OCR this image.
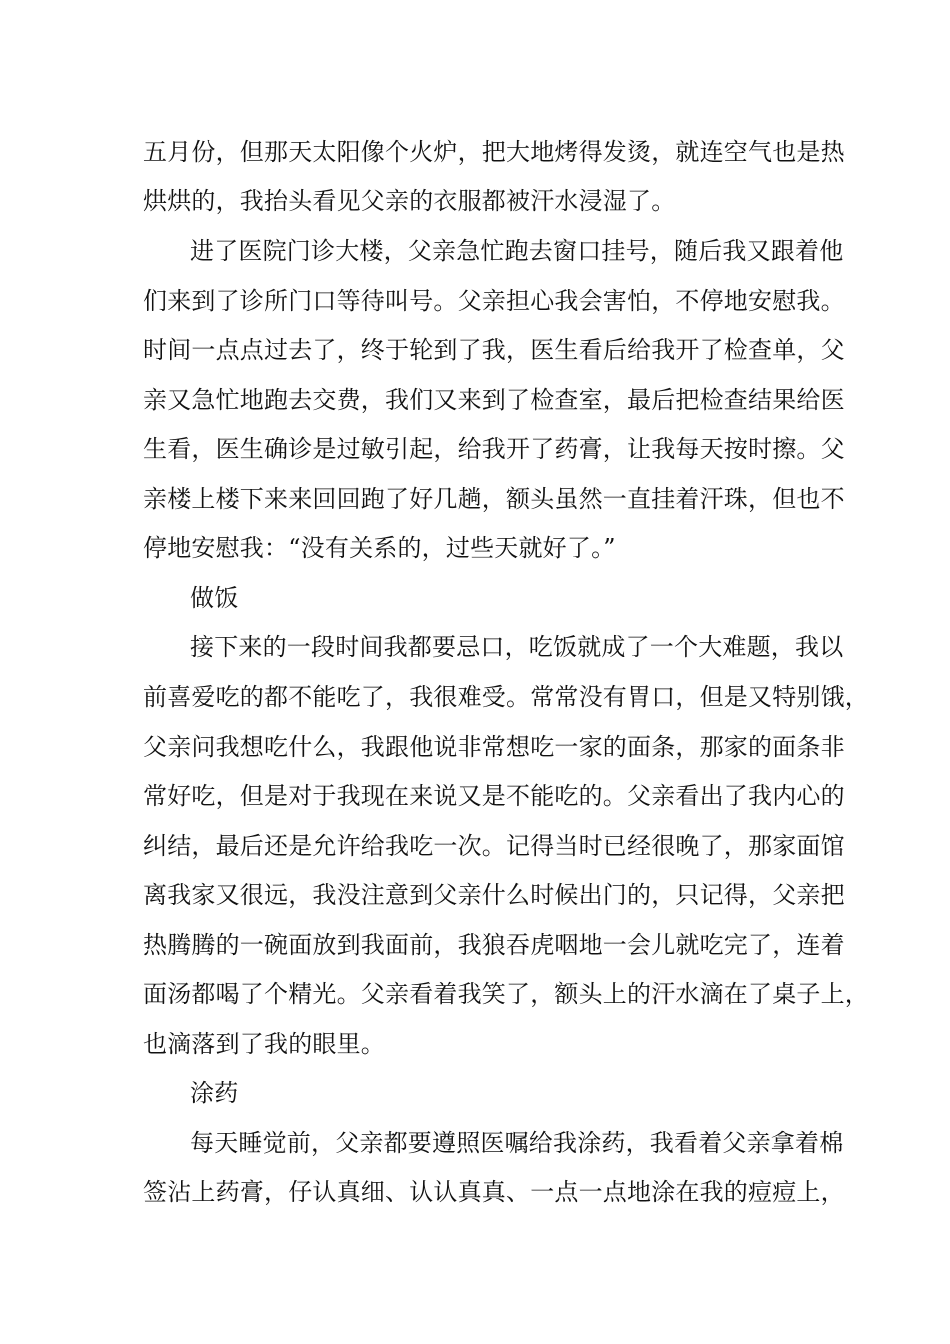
五月份，但那天太阳像个火炉，把大地烤得发烫，就连空气也是热
烘烘的，我抬头看见父亲的衣服都被汗水浸湿了。
进了医院门诊大楼，父亲急忙跑去窗口挂号，随后我又跟着他
们来到了诊所门口等待叫号。父亲担心我会害怕，不停地安慰我。
时间一点点过去了，终于轮到了我，医生看后给我开了检查单，父
亲又急忙地跑去交费，我们又来到了检查室，最后把检查结果给医
生看，医生确诊是过敏引起，给我开了药膏，让我每天按时擦。父
亲楼上楼下来来回回跑了好几趟，额头虽然一直挂着汗珠，但也不
停地安慰我：“没有关系的，过些天就好了。”
做饭
接下来的一段时间我都要忌口，吃饭就成了一个大难题，我以
前喜爱吃的都不能吃了，我很难受。常常没有胃口，但是又特别饿，
父亲问我想吃什么，我跟他说非常想吃一家的面条，那家的面条非
常好吃，但是对于我现在来说又是不能吃的。父亲看出了我内心的
纠结，最后还是允许给我吃一次。记得当时已经很晚了，那家面馆
离我家又很远，我没注意到父亲什么时候出门的，只记得，父亲把
热腾腾的一碗面放到我面前，我狼吞虎咽地一会儿就吃完了，连着
面汤都喝了个精光。父亲看着我笑了，额头上的汗水滴在了桌子上，
也滴落到了我的眼里。
涂药
每天睡觉前，父亲都要遵照医嘱给我涂药，我看着父亲拿着棉
签沾上药膏，仔认真细、认认真真、一点一点地涂在我的痘痘上，
